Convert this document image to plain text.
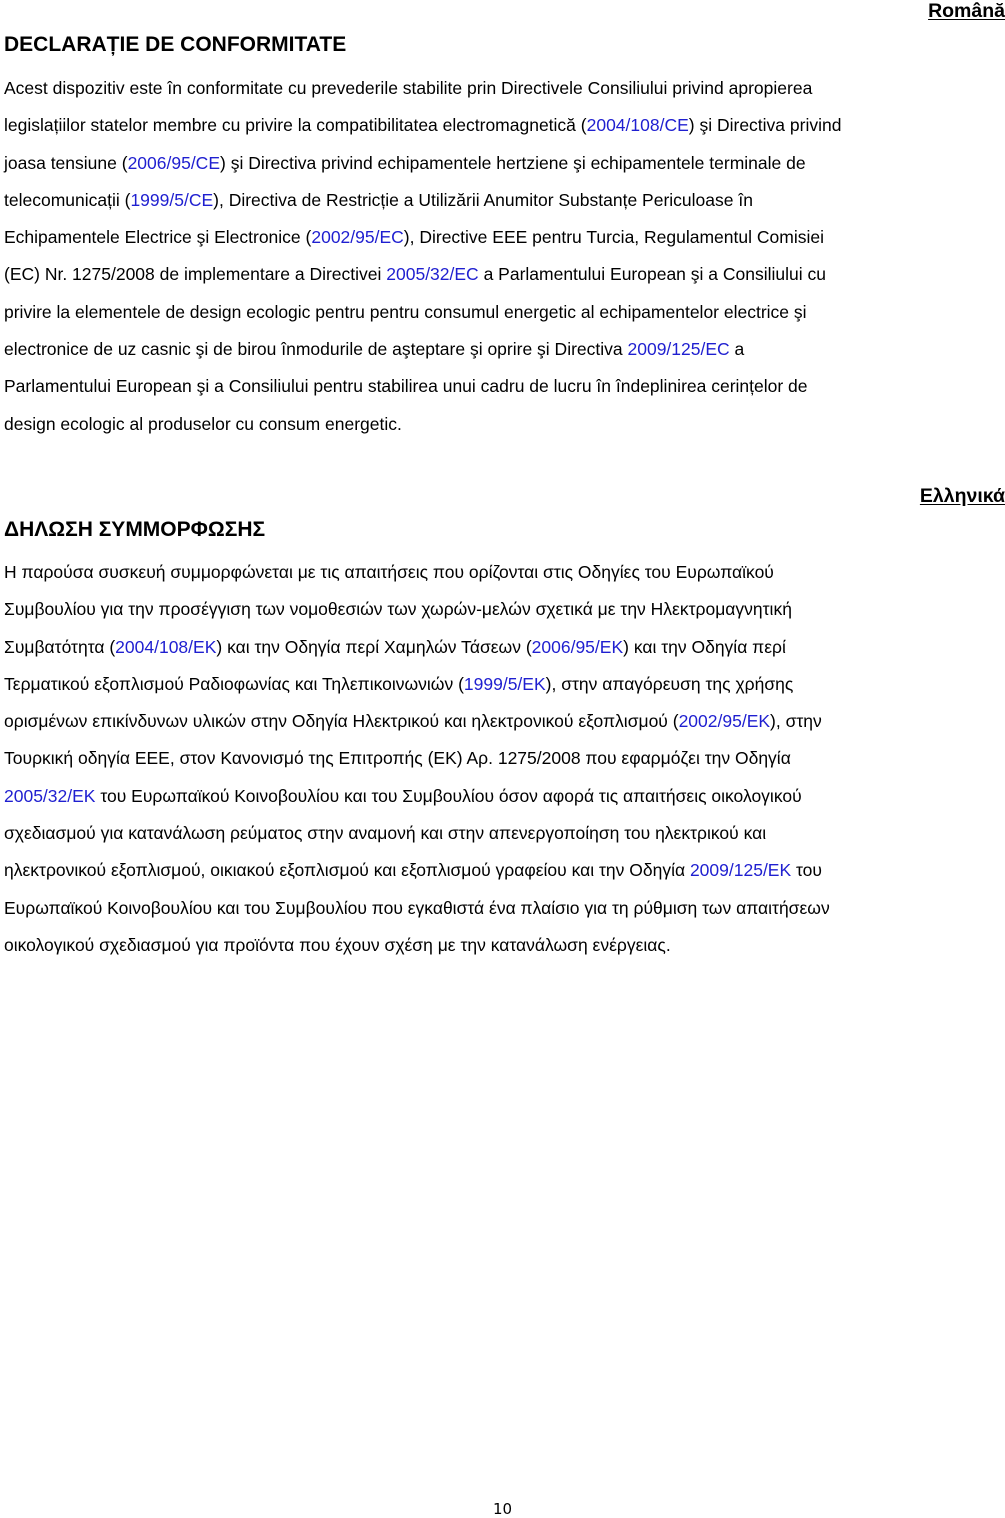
Română
DECLARAȚIE DE CONFORMITATE
Acest dispozitiv este în conformitate cu prevederile stabilite prin Directivele Consiliului privind apropierea
legislațiilor statelor membre cu privire la compatibilitatea electromagnetică (2004/108/CE) şi Directiva privind
joasa tensiune (2006/95/CE) şi Directiva privind echipamentele hertziene şi echipamentele terminale de
telecomunicații (1999/5/CE), Directiva de Restricție a Utilizării Anumitor Substanțe Periculoase în
Echipamentele Electrice şi Electronice (2002/95/EC), Directive EEE pentru Turcia, Regulamentul Comisiei
(EC) Nr. 1275/2008 de implementare a Directivei 2005/32/EC a Parlamentului European şi a Consiliului cu
privire la elementele de design ecologic pentru pentru consumul energetic al echipamentelor electrice şi
electronice de uz casnic şi de birou înmodurile de aşteptare şi oprire şi Directiva 2009/125/EC a
Parlamentului European şi a Consiliului pentru stabilirea unui cadru de lucru în îndeplinirea cerințelor de
design ecologic al produselor cu consum energetic.
Ελληνικά
ΔΗΛΩΣΗ ΣΥΜΜΟΡΦΩΣΗΣ
Η παρούσα συσκευή συμμορφώνεται με τις απαιτήσεις που ορίζονται στις Οδηγίες του Ευρωπαϊκού
Συμβουλίου για την προσέγγιση των νομοθεσιών των χωρών-μελών σχετικά με την Ηλεκτρομαγνητική
Συμβατότητα (2004/108/ΕΚ) και την Οδηγία περί Χαμηλών Τάσεων (2006/95/ΕΚ) και την Οδηγία περί
Τερματικού εξοπλισμού Ραδιοφωνίας και Τηλεπικοινωνιών (1999/5/ΕΚ), στην απαγόρευση της χρήσης
ορισμένων επικίνδυνων υλικών στην Οδηγία Ηλεκτρικού και ηλεκτρονικού εξοπλισμού (2002/95/ΕΚ), στην
Τουρκική οδηγία ΕΕΕ, στον Κανονισμό της Επιτροπής (ΕΚ) Αρ. 1275/2008 που εφαρμόζει την Οδηγία
2005/32/ΕΚ του Ευρωπαϊκού Κοινοβουλίου και του Συμβουλίου όσον αφορά τις απαιτήσεις οικολογικού
σχεδιασμού για κατανάλωση ρεύματος στην αναμονή και στην απενεργοποίηση του ηλεκτρικού και
ηλεκτρονικού εξοπλισμού, οικιακού εξοπλισμού και εξοπλισμού γραφείου και την Οδηγία 2009/125/ΕΚ του
Ευρωπαϊκού Κοινοβουλίου και του Συμβουλίου που εγκαθιστά ένα πλαίσιο για τη ρύθμιση των απαιτήσεων
οικολογικού σχεδιασμού για προϊόντα που έχουν σχέση με την κατανάλωση ενέργειας.
10
